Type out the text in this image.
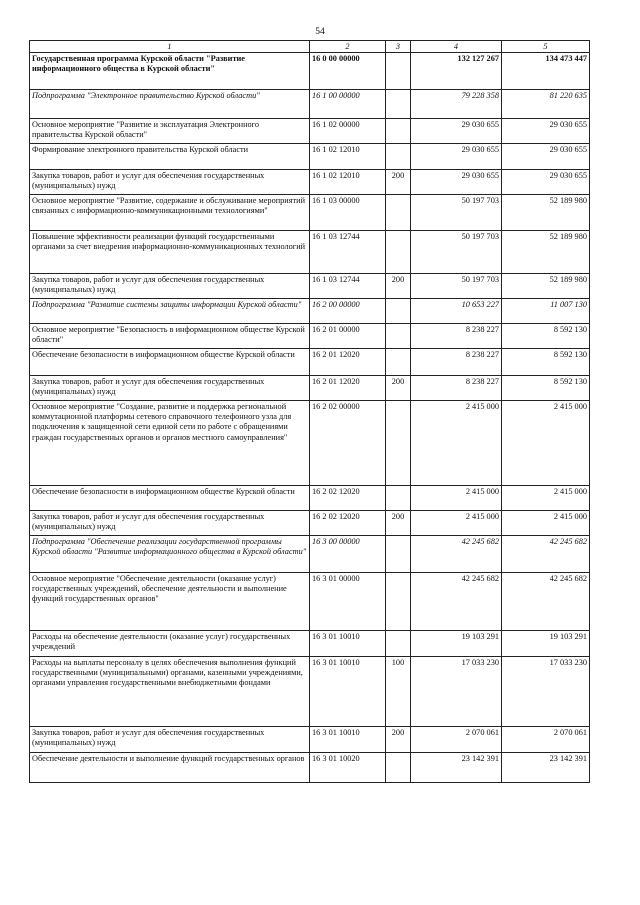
54
1	2	3	4	5
Государственная программа Курской области "Развитие информационного общества в Курской области"	16 0 00 00000		132 127 267	134 473 447
Подпрограмма "Электронное правительство Курской области"	16 1 00 00000		79 228 358	81 220 635
Основное мероприятие "Развитие и эксплуатация Электронного правительства Курской области"	16 1 02 00000		29 030 655	29 030 655
Формирование электронного правительства Курской области	16 1 02 12010		29 030 655	29 030 655
Закупка товаров, работ и услуг для обеспечения государственных (муниципальных) нужд	16 1 02 12010	200	29 030 655	29 030 655
Основное мероприятие "Развитие, содержание и обслуживание мероприятий связанных с информационно-коммуникационными технологиями"	16 1 03 00000		50 197 703	52 189 980
Повышение эффективности реализации функций государственными органами за счет внедрения информационно-коммуникационных технологий	16 1 03 12744		50 197 703	52 189 980
Закупка товаров, работ и услуг для обеспечения государственных (муниципальных) нужд	16 1 03 12744	200	50 197 703	52 189 980
Подпрограмма "Развитие системы защиты информации Курской области"	16 2 00 00000		10 653 227	11 007 130
Основное мероприятие "Безопасность в информационном обществе Курской области"	16 2 01 00000		8 238 227	8 592 130
Обеспечение безопасности в информационном обществе Курской области	16 2 01 12020		8 238 227	8 592 130
Закупка товаров, работ и услуг для обеспечения государственных (муниципальных) нужд	16 2 01 12020	200	8 238 227	8 592 130
Основное мероприятие "Создание, развитие и поддержка региональной коммутационной платформы сетевого справочного телефонного узла для подключения к защищенной сети единой сети по работе с обращениями граждан государственных органов и органов местного самоуправления"	16 2 02 00000		2 415 000	2 415 000
Обеспечение безопасности в информационном обществе Курской области	16 2 02 12020		2 415 000	2 415 000
Закупка товаров, работ и услуг для обеспечения государственных (муниципальных) нужд	16 2 02 12020	200	2 415 000	2 415 000
Подпрограмма "Обеспечение реализации государственной программы Курской области "Развитие информационного общества в Курской области"	16 3 00 00000		42 245 682	42 245 682
Основное мероприятие "Обеспечение деятельности (оказание услуг) государственных учреждений, обеспечение деятельности и выполнение функций государственных органов"	16 3 01 00000		42 245 682	42 245 682
Расходы на обеспечение деятельности (оказание услуг) государственных учреждений	16 3 01 10010		19 103 291	19 103 291
Расходы на выплаты персоналу в целях обеспечения выполнения функций государственными (муниципальными) органами, казенными учреждениями, органами управления государственными внебюджетными фондами	16 3 01 10010	100	17 033 230	17 033 230
Закупка товаров, работ и услуг для обеспечения государственных (муниципальных) нужд	16 3 01 10010	200	2 070 061	2 070 061
Обеспечение деятельности и выполнение функций государственных органов	16 3 01 10020		23 142 391	23 142 391
